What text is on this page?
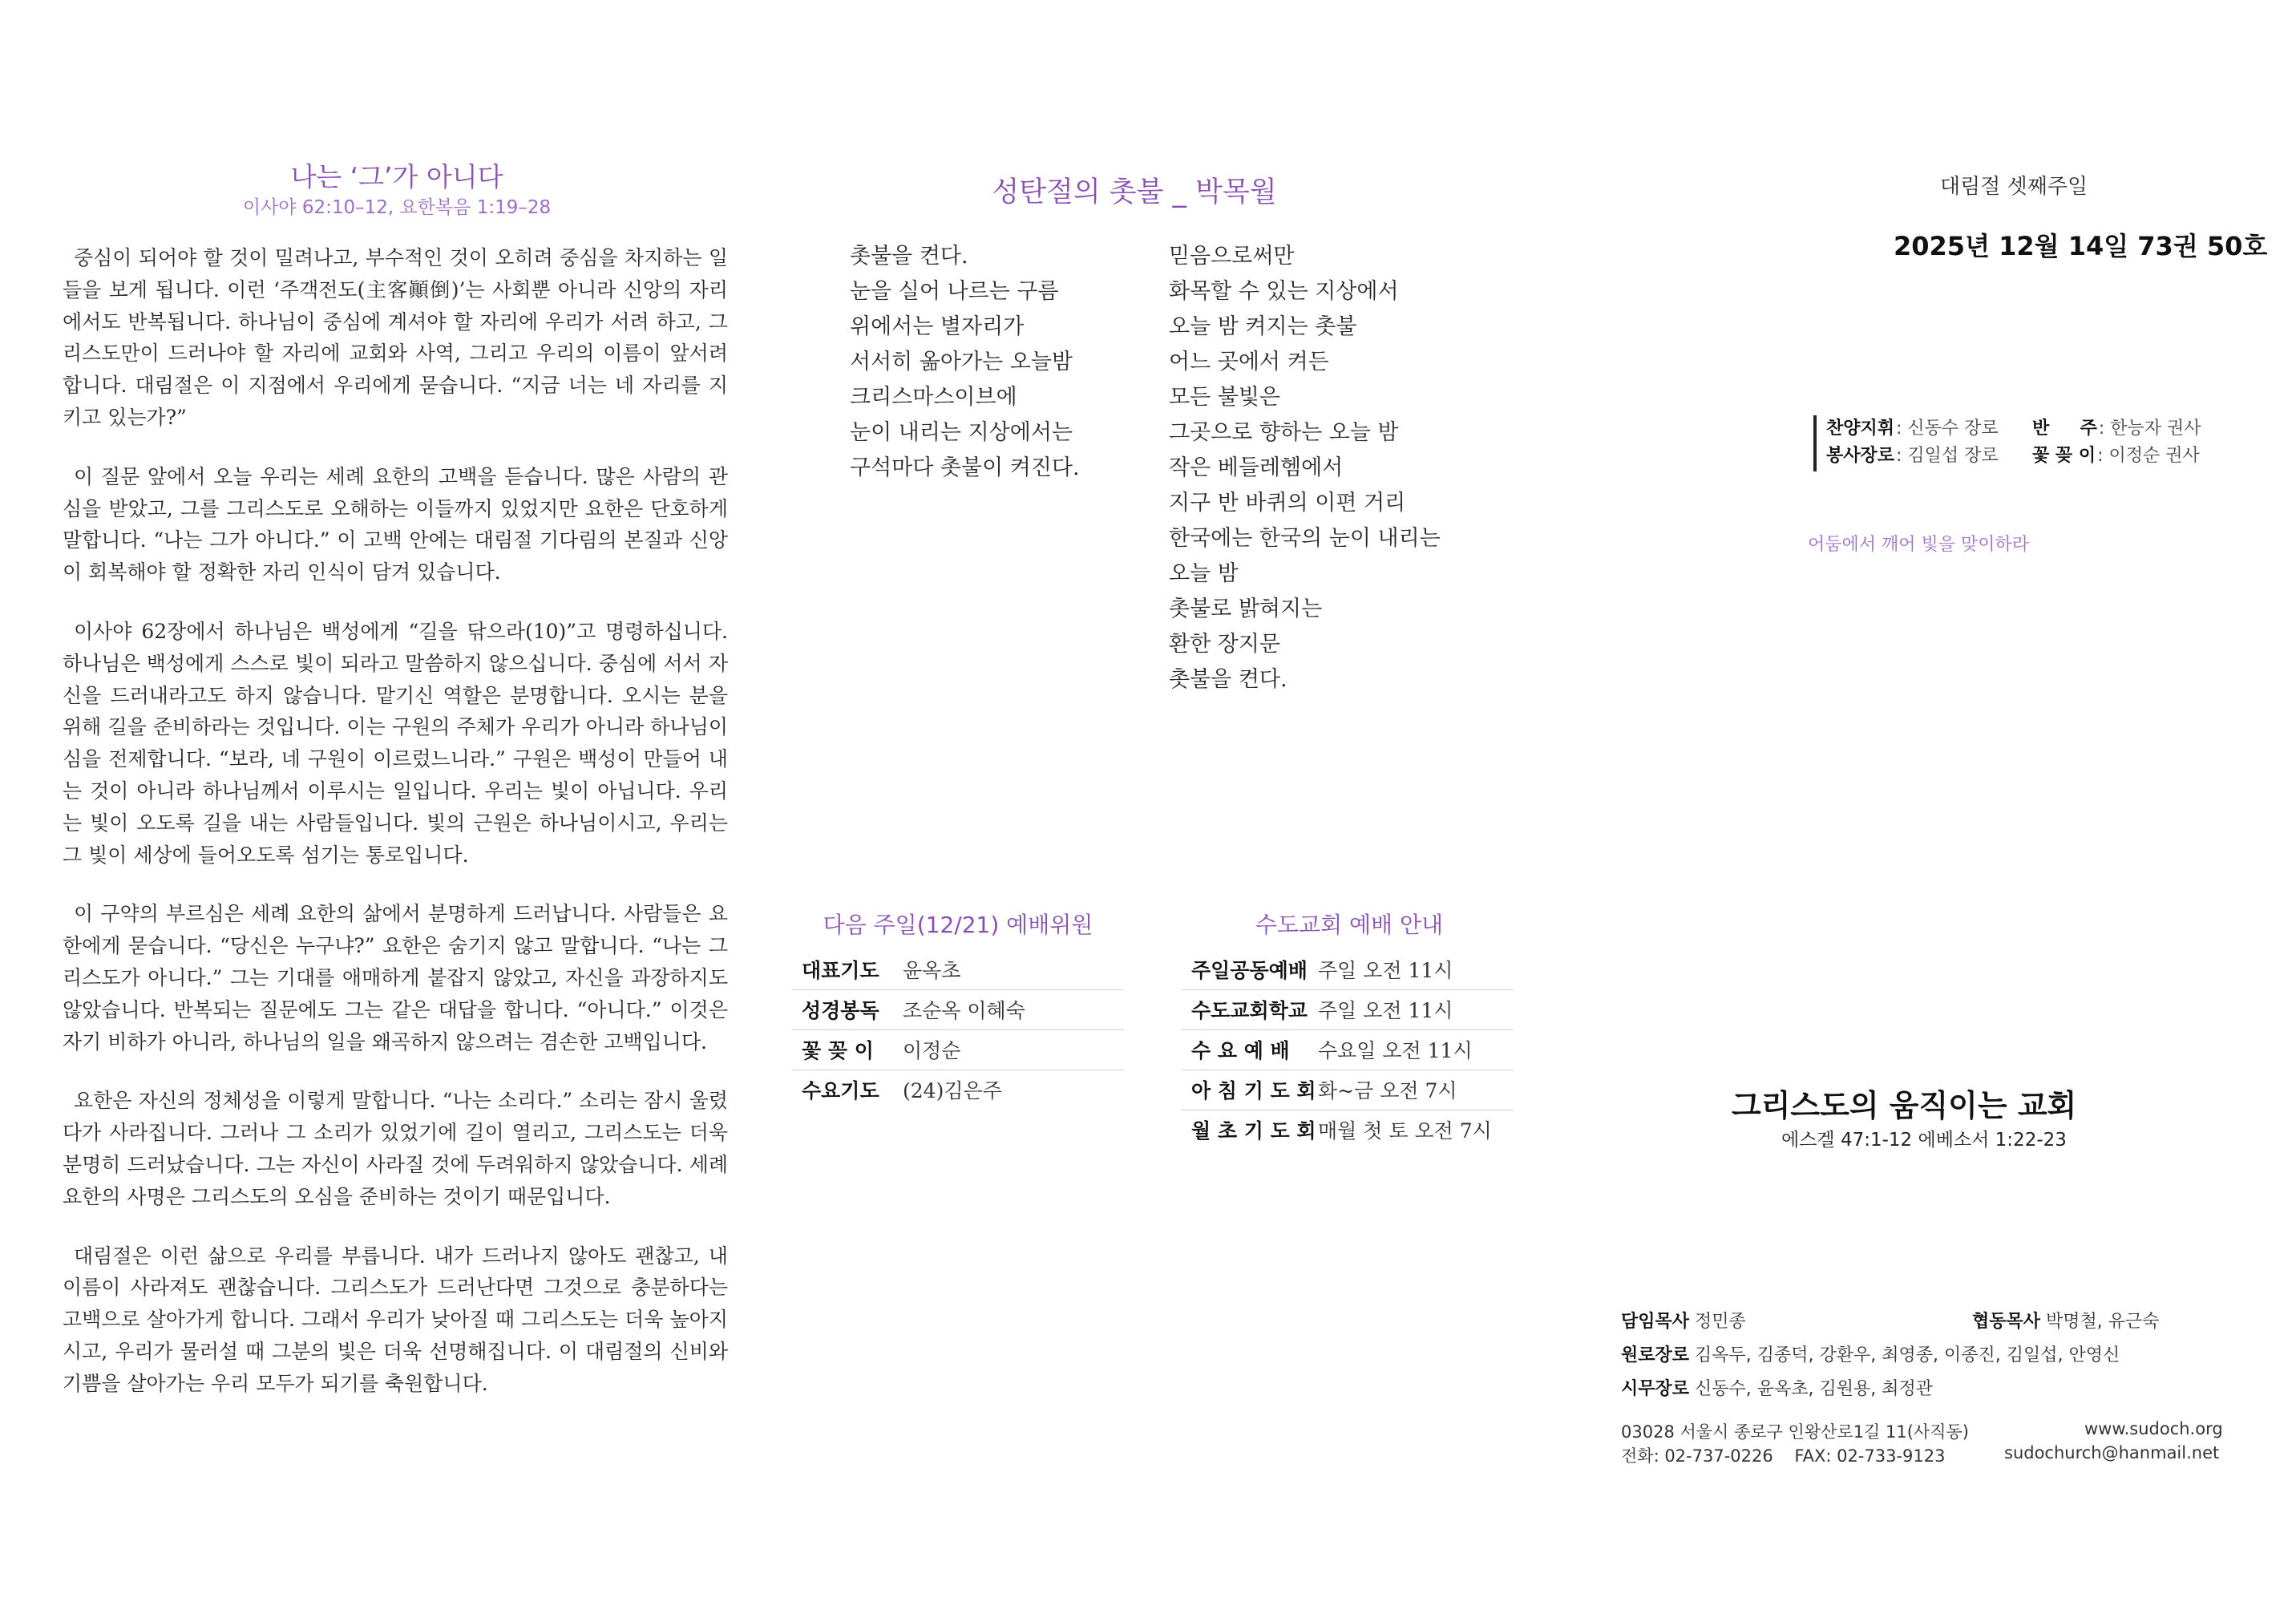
나는 ‘그’가 아니다
이사야 62:10–12, 요한복음 1:19–28

중심이 되어야 할 것이 밀려나고, 부수적인 것이 오히려 중심을 차지하는 일들을 보게 됩니다. 이런 ‘주객전도(主客顚倒)’는 사회뿐 아니라 신앙의 자리에서도 반복됩니다. 하나님이 중심에 계셔야 할 자리에 우리가 서려 하고, 그리스도만이 드러나야 할 자리에 교회와 사역, 그리고 우리의 이름이 앞서려 합니다. 대림절은 이 지점에서 우리에게 묻습니다. “지금 너는 네 자리를 지키고 있는가?”

이 질문 앞에서 오늘 우리는 세례 요한의 고백을 듣습니다. 많은 사람의 관심을 받았고, 그를 그리스도로 오해하는 이들까지 있었지만 요한은 단호하게 말합니다. “나는 그가 아니다.” 이 고백 안에는 대림절 기다림의 본질과 신앙이 회복해야 할 정확한 자리 인식이 담겨 있습니다.

이사야 62장에서 하나님은 백성에게 “길을 닦으라(10)”고 명령하십니다. 하나님은 백성에게 스스로 빛이 되라고 말씀하지 않으십니다. 중심에 서서 자신을 드러내라고도 하지 않습니다. 맡기신 역할은 분명합니다. 오시는 분을 위해 길을 준비하라는 것입니다. 이는 구원의 주체가 우리가 아니라 하나님이심을 전제합니다. “보라, 네 구원이 이르렀느니라.” 구원은 백성이 만들어 내는 것이 아니라 하나님께서 이루시는 일입니다. 우리는 빛이 아닙니다. 우리는 빛이 오도록 길을 내는 사람들입니다. 빛의 근원은 하나님이시고, 우리는 그 빛이 세상에 들어오도록 섬기는 통로입니다.

이 구약의 부르심은 세례 요한의 삶에서 분명하게 드러납니다. 사람들은 요한에게 묻습니다. “당신은 누구냐?” 요한은 숨기지 않고 말합니다. “나는 그리스도가 아니다.” 그는 기대를 애매하게 붙잡지 않았고, 자신을 과장하지도 않았습니다. 반복되는 질문에도 그는 같은 대답을 합니다. “아니다.” 이것은 자기 비하가 아니라, 하나님의 일을 왜곡하지 않으려는 겸손한 고백입니다.

요한은 자신의 정체성을 이렇게 말합니다. “나는 소리다.” 소리는 잠시 울렸다가 사라집니다. 그러나 그 소리가 있었기에 길이 열리고, 그리스도는 더욱 분명히 드러났습니다. 그는 자신이 사라질 것에 두려워하지 않았습니다. 세례요한의 사명은 그리스도의 오심을 준비하는 것이기 때문입니다.

대림절은 이런 삶으로 우리를 부릅니다. 내가 드러나지 않아도 괜찮고, 내 이름이 사라져도 괜찮습니다. 그리스도가 드러난다면 그것으로 충분하다는 고백으로 살아가게 합니다. 그래서 우리가 낮아질 때 그리스도는 더욱 높아지시고, 우리가 물러설 때 그분의 빛은 더욱 선명해집니다. 이 대림절의 신비와 기쁨을 살아가는 우리 모두가 되기를 축원합니다.

성탄절의 촛불 _ 박목월
촛불을 켠다.
눈을 실어 나르는 구름
위에서는 별자리가
서서히 옮아가는 오늘밤
크리스마스이브에
눈이 내리는 지상에서는
구석마다 촛불이 켜진다.
믿음으로써만
화목할 수 있는 지상에서
오늘 밤 켜지는 촛불
어느 곳에서 켜든
모든 불빛은
그곳으로 향하는 오늘 밤
작은 베들레헴에서
지구 반 바퀴의 이편 거리
한국에는 한국의 눈이 내리는
오늘 밤
촛불로 밝혀지는
환한 장지문
촛불을 켠다.
대림절 셋째주일
2025년 12월 14일 73권 50호
찬양지휘: 신동수 장로 반     주: 한능자 권사
봉사장로: 김일섭 장로 꽃 꽂 이: 이정순 권사
어둠에서 깨어 빛을 맞이하라
다음 주일(12/21) 예배위원
대표기도 윤옥초
성경봉독 조순옥 이혜숙
꽃 꽂 이 이정순
수요기도 (24)김은주
수도교회 예배 안내
주일공동예배 주일 오전 11시
수도교회학교 주일 오전 11시
수 요 예 배 수요일 오전 11시
아 침 기 도 회 화~금 오전 7시
월 초 기 도 회 매월 첫 토 오전 7시
그리스도의 움직이는 교회
에스겔 47:1-12 에베소서 1:22-23
담임목사 정민종	협동목사 박명철, 유근숙
원로장로 김옥두, 김종덕, 강환우, 최영종, 이종진, 김일섭, 안영신
시무장로 신동수, 윤옥초, 김원용, 최정관
03028 서울시 종로구 인왕산로1길 11(사직동)
전화: 02-737-0226    FAX: 02-733-9123
www.sudoch.org
sudochurch@hanmail.net
